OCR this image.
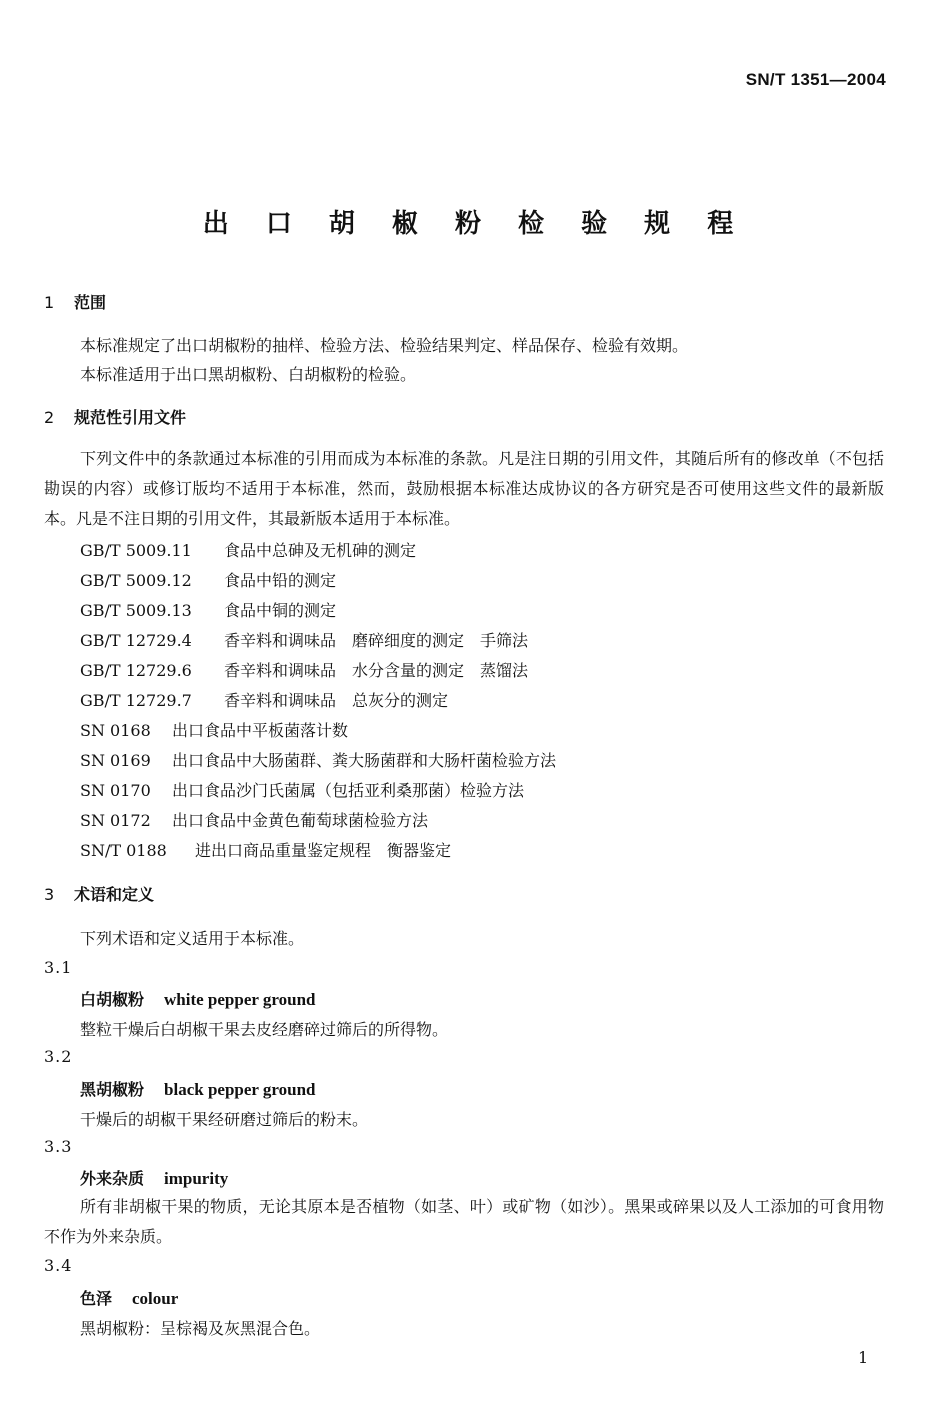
SN/T 1351—2004
出 口 胡 椒 粉 检 验 规 程
1 范围
本标准规定了出口胡椒粉的抽样、检验方法、检验结果判定、样品保存、检验有效期。
本标准适用于出口黑胡椒粉、白胡椒粉的检验。
2 规范性引用文件
下列文件中的条款通过本标准的引用而成为本标准的条款。凡是注日期的引用文件，其随后所有的修改单（不包括勘误的内容）或修订版均不适用于本标准，然而，鼓励根据本标准达成协议的各方研究是否可使用这些文件的最新版本。凡是不注日期的引用文件，其最新版本适用于本标准。
GB/T 5009.11 食品中总砷及无机砷的测定
GB/T 5009.12 食品中铅的测定
GB/T 5009.13 食品中铜的测定
GB/T 12729.4 香辛料和调味品　磨碎细度的测定　手筛法
GB/T 12729.6 香辛料和调味品　水分含量的测定　蒸馏法
GB/T 12729.7 香辛料和调味品　总灰分的测定
SN 0168 出口食品中平板菌落计数
SN 0169 出口食品中大肠菌群、粪大肠菌群和大肠杆菌检验方法
SN 0170 出口食品沙门氏菌属（包括亚利桑那菌）检验方法
SN 0172 出口食品中金黄色葡萄球菌检验方法
SN/T 0188 进出口商品重量鉴定规程　衡器鉴定
3 术语和定义
下列术语和定义适用于本标准。
3.1
白胡椒粉 white pepper ground
整粒干燥后白胡椒干果去皮经磨碎过筛后的所得物。
3.2
黑胡椒粉 black pepper ground
干燥后的胡椒干果经研磨过筛后的粉末。
3.3
外来杂质 impurity
所有非胡椒干果的物质，无论其原本是否植物（如茎、叶）或矿物（如沙）。黑果或碎果以及人工添加的可食用物不作为外来杂质。
3.4
色泽 colour
黑胡椒粉：呈棕褐及灰黑混合色。
1
